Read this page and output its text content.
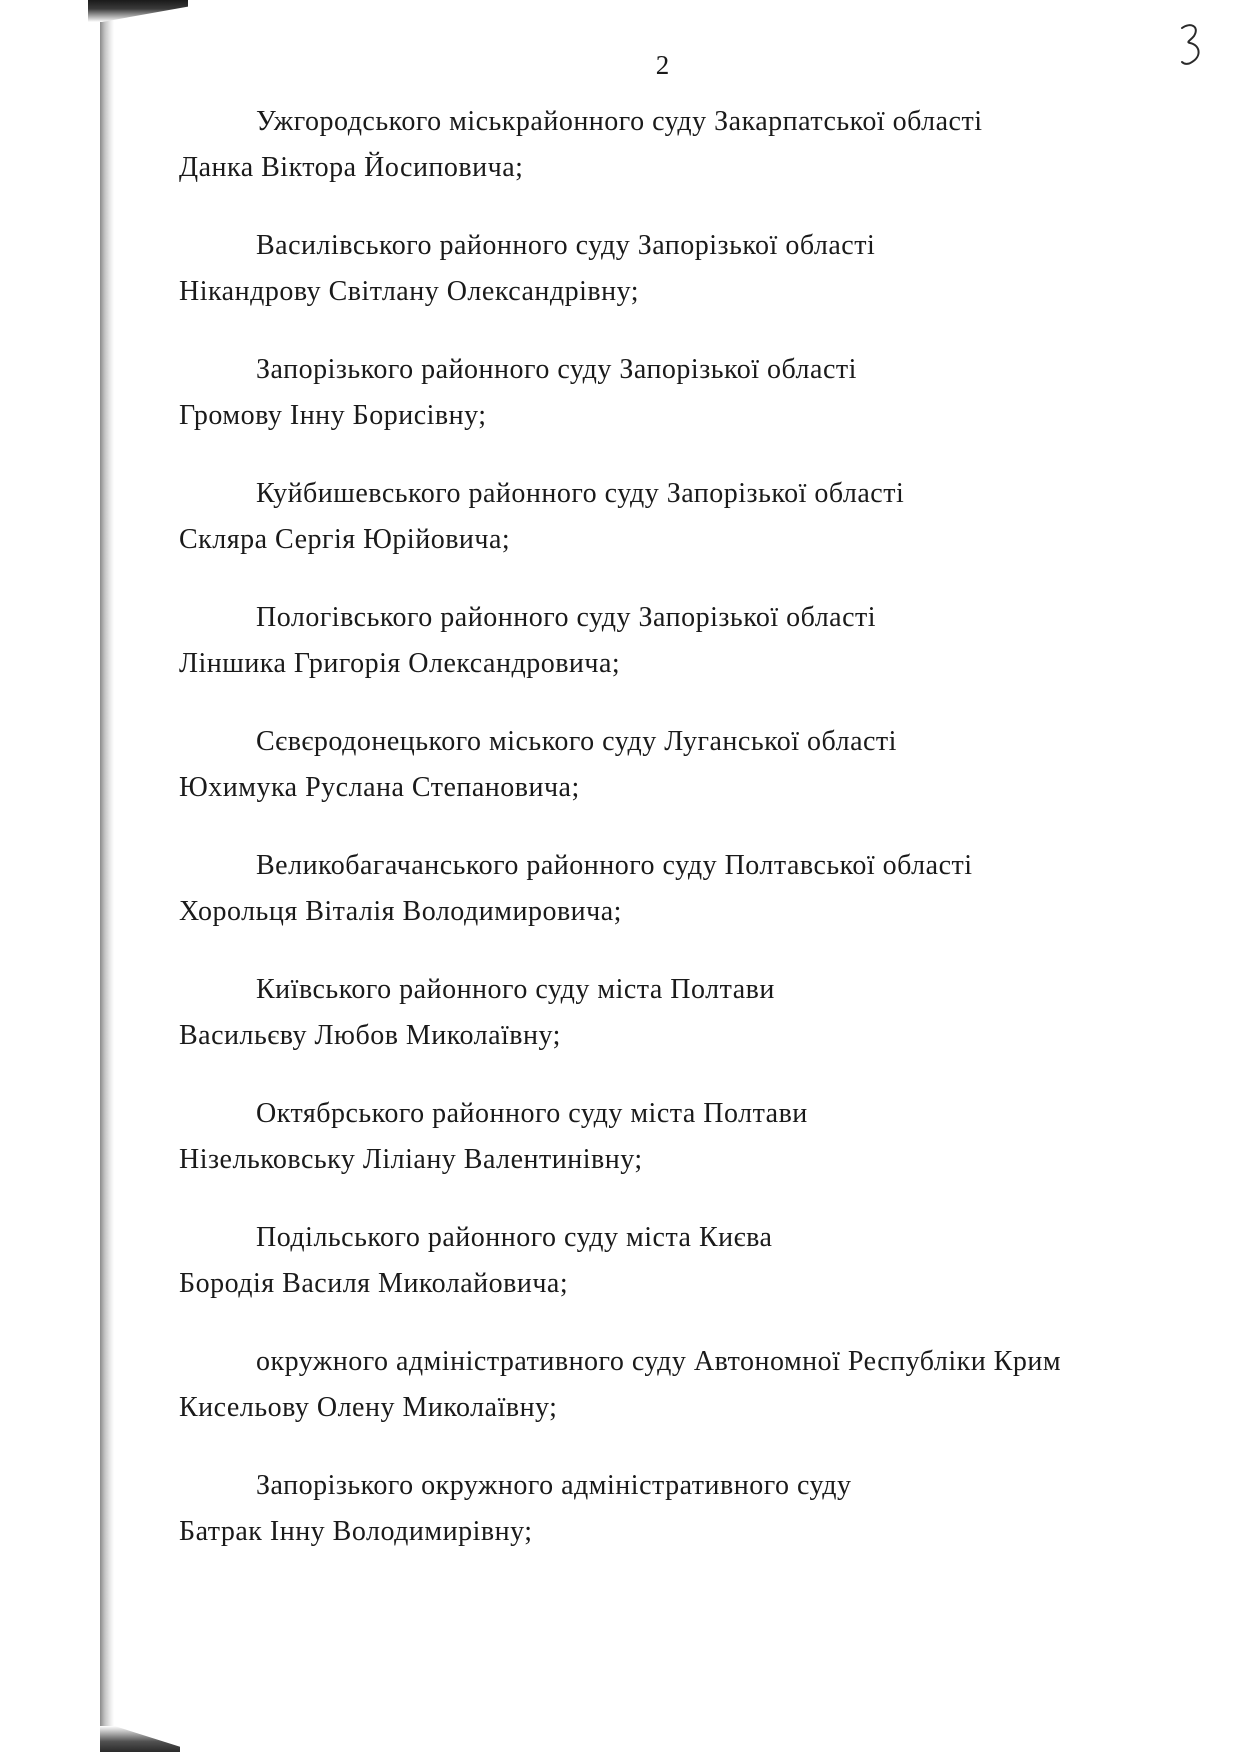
2
Ужгородського міськрайонного суду Закарпатської області
Данка Віктора Йосиповича;
Василівського районного суду Запорізької області
Нікандрову Світлану Олександрівну;
Запорізького районного суду Запорізької області
Громову Інну Борисівну;
Куйбишевського районного суду Запорізької області
Скляра Сергія Юрійовича;
Пологівського районного суду Запорізької області
Ліншика Григорія Олександровича;
Сєвєродонецького міського суду Луганської області
Юхимука Руслана Степановича;
Великобагачанського районного суду Полтавської області
Хорольця Віталія Володимировича;
Київського районного суду міста Полтави
Васильєву Любов Миколаївну;
Октябрського районного суду міста Полтави
Нізельковську Ліліану Валентинівну;
Подільського районного суду міста Києва
Бородія Василя Миколайовича;
окружного адміністративного суду Автономної Республіки Крим
Кисельову Олену Миколаївну;
Запорізького окружного адміністративного суду
Батрак Інну Володимирівну;
